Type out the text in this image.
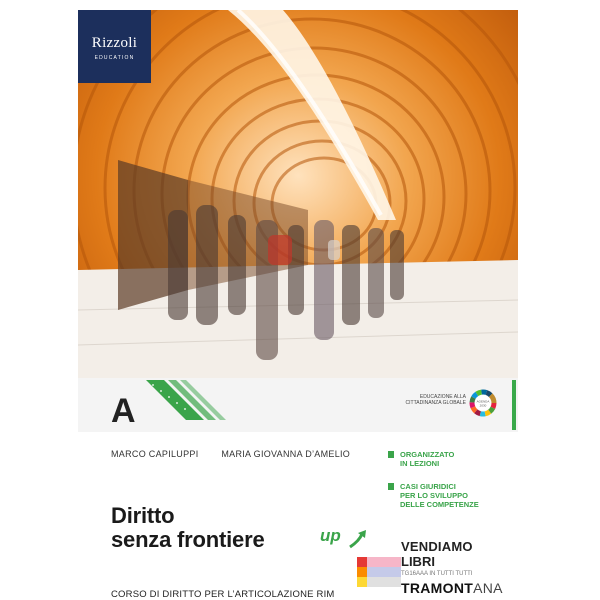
Rizzoli
EDUCATION
A	EDUCAZIONE ALLA CITTADINANZA GLOBALE	AGENDA
2030
MARCO CAPILUPPI	MARIA GIOVANNA D’AMELIO	ORGANIZZATO
IN LEZIONI
CASI GIURIDICI
PER LO SVILUPPO
DELLE COMPETENZE
Diritto
senza frontiere	up
CORSO DI DIRITTO PER L’ARTICOLAZIONE RIM
VENDIAMO
LIBRI
TG16AAA IN TUTTI TUTTI
TRAMONTANA
